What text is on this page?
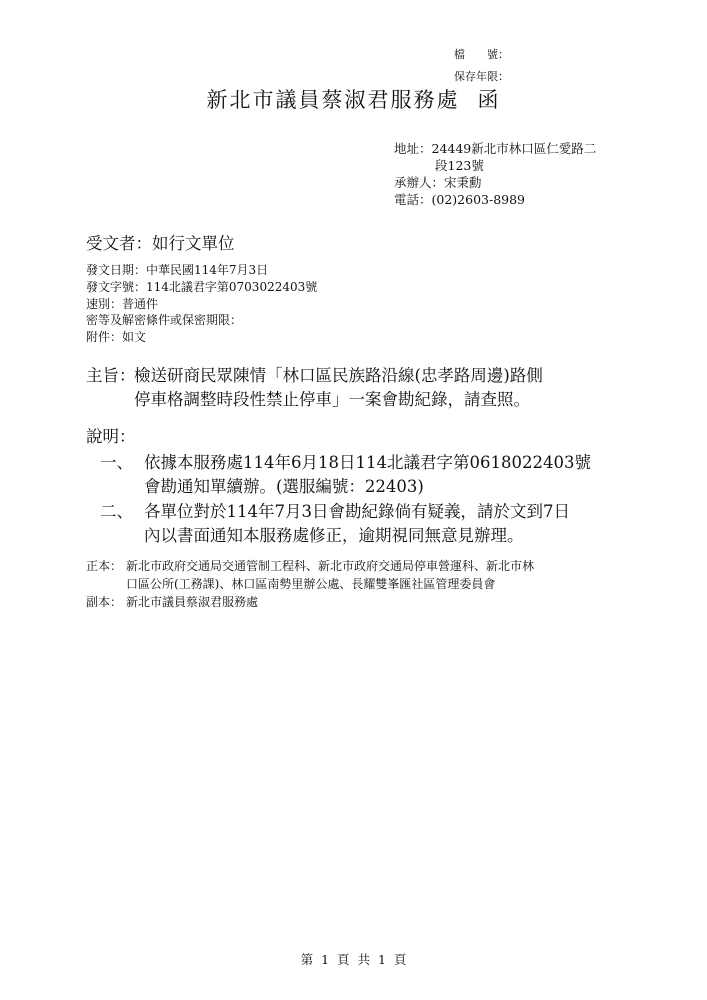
檔　　號：
保存年限：
新北市議員蔡淑君服務處 函
地址：24449新北市林口區仁愛路二
段123號
承辦人：宋秉勳
電話：(02)2603-8989
受文者：如行文單位
發文日期：中華民國114年7月3日
發文字號：114北議君字第0703022403號
速別：普通件
密等及解密條件或保密期限：
附件：如文
主旨：
檢送研商民眾陳情「林口區民族路沿線(忠孝路周邊)路側
停車格調整時段性禁止停車」一案會勘紀錄，請查照。
說明：
一、 依據本服務處114年6月18日114北議君字第0618022403號
會勘通知單續辦。(選服編號：22403)
二、 各單位對於114年7月3日會勘紀錄倘有疑義，請於文到7日
內以書面通知本服務處修正，逾期視同無意見辦理。
正本： 新北市政府交通局交通管制工程科、新北市政府交通局停車營運科、新北市林
口區公所(工務課)、林口區南勢里辦公處、長耀雙峯匯社區管理委員會
副本： 新北市議員蔡淑君服務處
第 1 頁 共 1 頁
